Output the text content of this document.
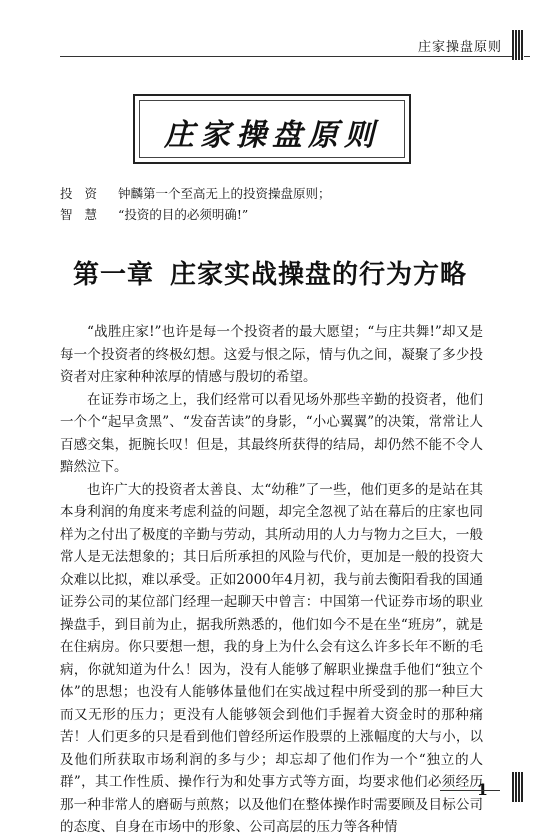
庄家操盘原则
庄家操盘原则
投资 钟麟第一个至高无上的投资操盘原则；
智慧 “投资的目的必须明确!”
第一章 庄家实战操盘的行为方略

“战胜庄家!”也许是每一个投资者的最大愿望；“与庄共舞!”却又是每一个投资者的终极幻想。这爱与恨之际，情与仇之间，凝聚了多少投资者对庄家种种浓厚的情感与殷切的希望。

在证券市场之上，我们经常可以看见场外那些辛勤的投资者，他们一个个“起早贪黑”、“发奋苦读”的身影，“小心翼翼”的决策，常常让人百感交集，扼腕长叹！但是，其最终所获得的结局，却仍然不能不令人黯然泣下。

也许广大的投资者太善良、太“幼稚”了一些，他们更多的是站在其本身利润的角度来考虑利益的问题，却完全忽视了站在幕后的庄家也同样为之付出了极度的辛勤与劳动，其所动用的人力与物力之巨大，一般常人是无法想象的；其日后所承担的风险与代价，更加是一般的投资大众难以比拟，难以承受。正如2000年4月初，我与前去衡阳看我的国通证券公司的某位部门经理一起聊天中曾言：中国第一代证券市场的职业操盘手，到目前为止，据我所熟悉的，他们如今不是在坐“班房”，就是在住病房。你只要想一想，我的身上为什么会有这么许多长年不断的毛病，你就知道为什么！因为，没有人能够了解职业操盘手他们“独立个体”的思想；也没有人能够体量他们在实战过程中所受到的那一种巨大而又无形的压力；更没有人能够领会到他们手握着大资金时的那种痛苦！人们更多的只是看到他们曾经所运作股票的上涨幅度的大与小，以及他们所获取市场利润的多与少；却忘却了他们作为一个“独立的人群”，其工作性质、操作行为和处事方式等方面，均要求他们必须经历那一种非常人的磨砺与煎熬；以及他们在整体操作时需要顾及目标公司的态度、自身在市场中的形象、公司高层的压力等各种情
